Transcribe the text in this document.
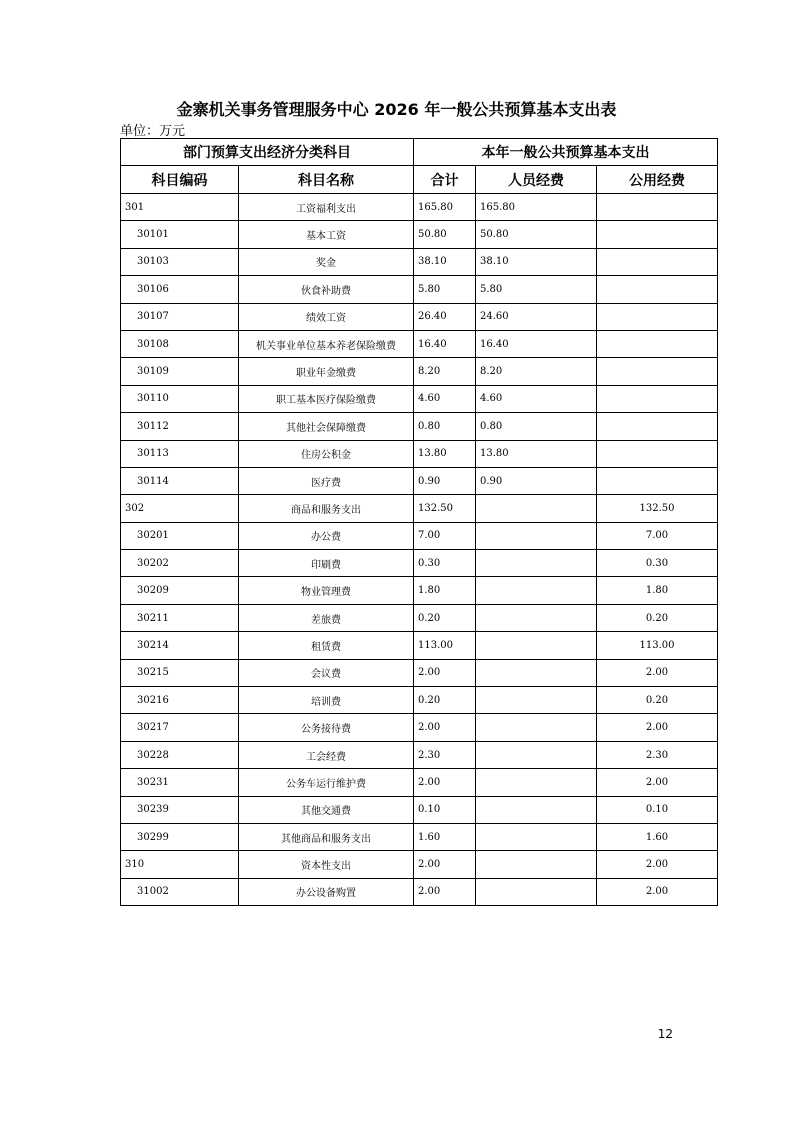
金寨机关事务管理服务中心 2026 年一般公共预算基本支出表
单位：万元
部门预算支出经济分类科目		本年一般公共预算基本支出		
科目编码	科目名称	合计	人员经费	公用经费
301	工资福利支出	165.80	165.80	
30101	基本工资	50.80	50.80	
30103	奖金	38.10	38.10	
30106	伙食补助费	5.80	5.80	
30107	绩效工资	26.40	24.60	
30108	机关事业单位基本养老保险缴费	16.40	16.40	
30109	职业年金缴费	8.20	8.20	
30110	职工基本医疗保险缴费	4.60	4.60	
30112	其他社会保障缴费	0.80	0.80	
30113	住房公积金	13.80	13.80	
30114	医疗费	0.90	0.90	
302	商品和服务支出	132.50		132.50
30201	办公费	7.00		7.00
30202	印刷费	0.30		0.30
30209	物业管理费	1.80		1.80
30211	差旅费	0.20		0.20
30214	租赁费	113.00		113.00
30215	会议费	2.00		2.00
30216	培训费	0.20		0.20
30217	公务接待费	2.00		2.00
30228	工会经费	2.30		2.30
30231	公务车运行维护费	2.00		2.00
30239	其他交通费	0.10		0.10
30299	其他商品和服务支出	1.60		1.60
310	资本性支出	2.00		2.00
31002	办公设备购置	2.00		2.00
12
